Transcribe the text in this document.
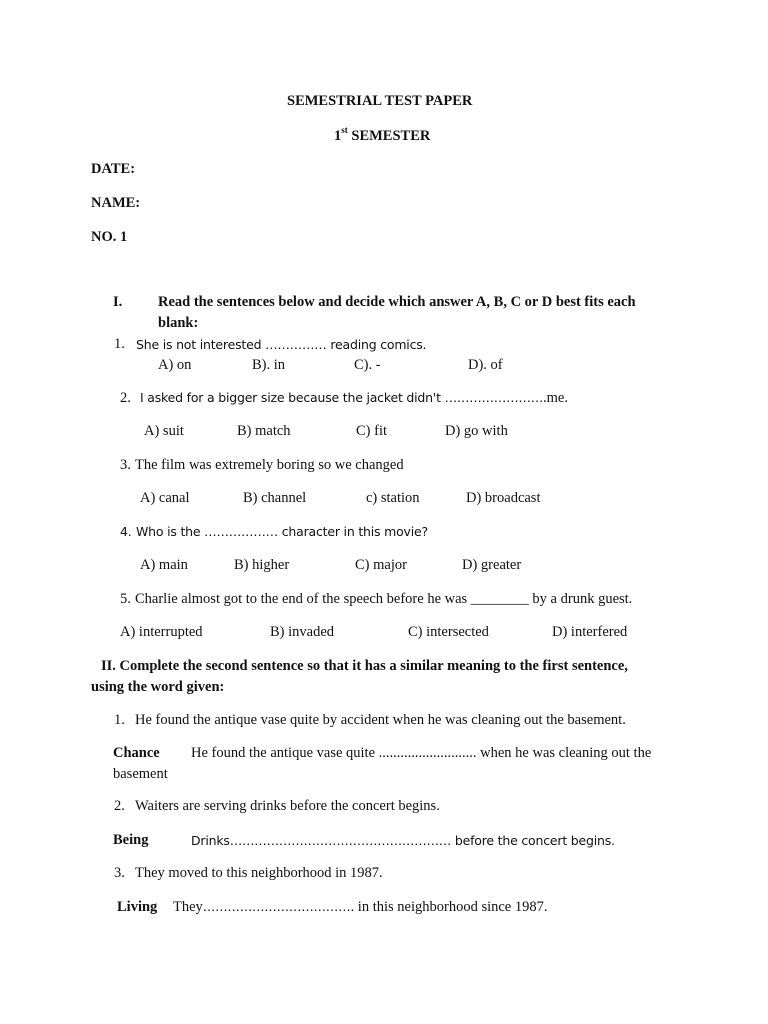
SEMESTRIAL TEST PAPER
1st SEMESTER
DATE:
NAME:
NO. 1
I. Read the sentences below and decide which answer A, B, C or D best fits each
blank:
1. She is not interested …………… reading comics.
A) on	B). in	C). -	D). of
2. I asked for a bigger size because the jacket didn't …………………….me.
A) suit	B) match	C) fit	D) go with
3. The film was extremely boring so we changed
A) canal	B) channel	c) station	D) broadcast
4. Who is the ……………… character in this movie?
A) main	B) higher	C) major	D) greater
5. Charlie almost got to the end of the speech before he was ________ by a drunk guest.
A) interrupted	B) invaded	C) intersected	D) interfered
II. Complete the second sentence so that it has a similar meaning to the first sentence,
using the word given:
1. He found the antique vase quite by accident when he was cleaning out the basement.
Chance He found the antique vase quite ........................... when he was cleaning out the
basement
2. Waiters are serving drinks before the concert begins.
Being	Drinks……………………………………………… before the concert begins.
3. They moved to this neighborhood in 1987.
Living They………………………………. in this neighborhood since 1987.
